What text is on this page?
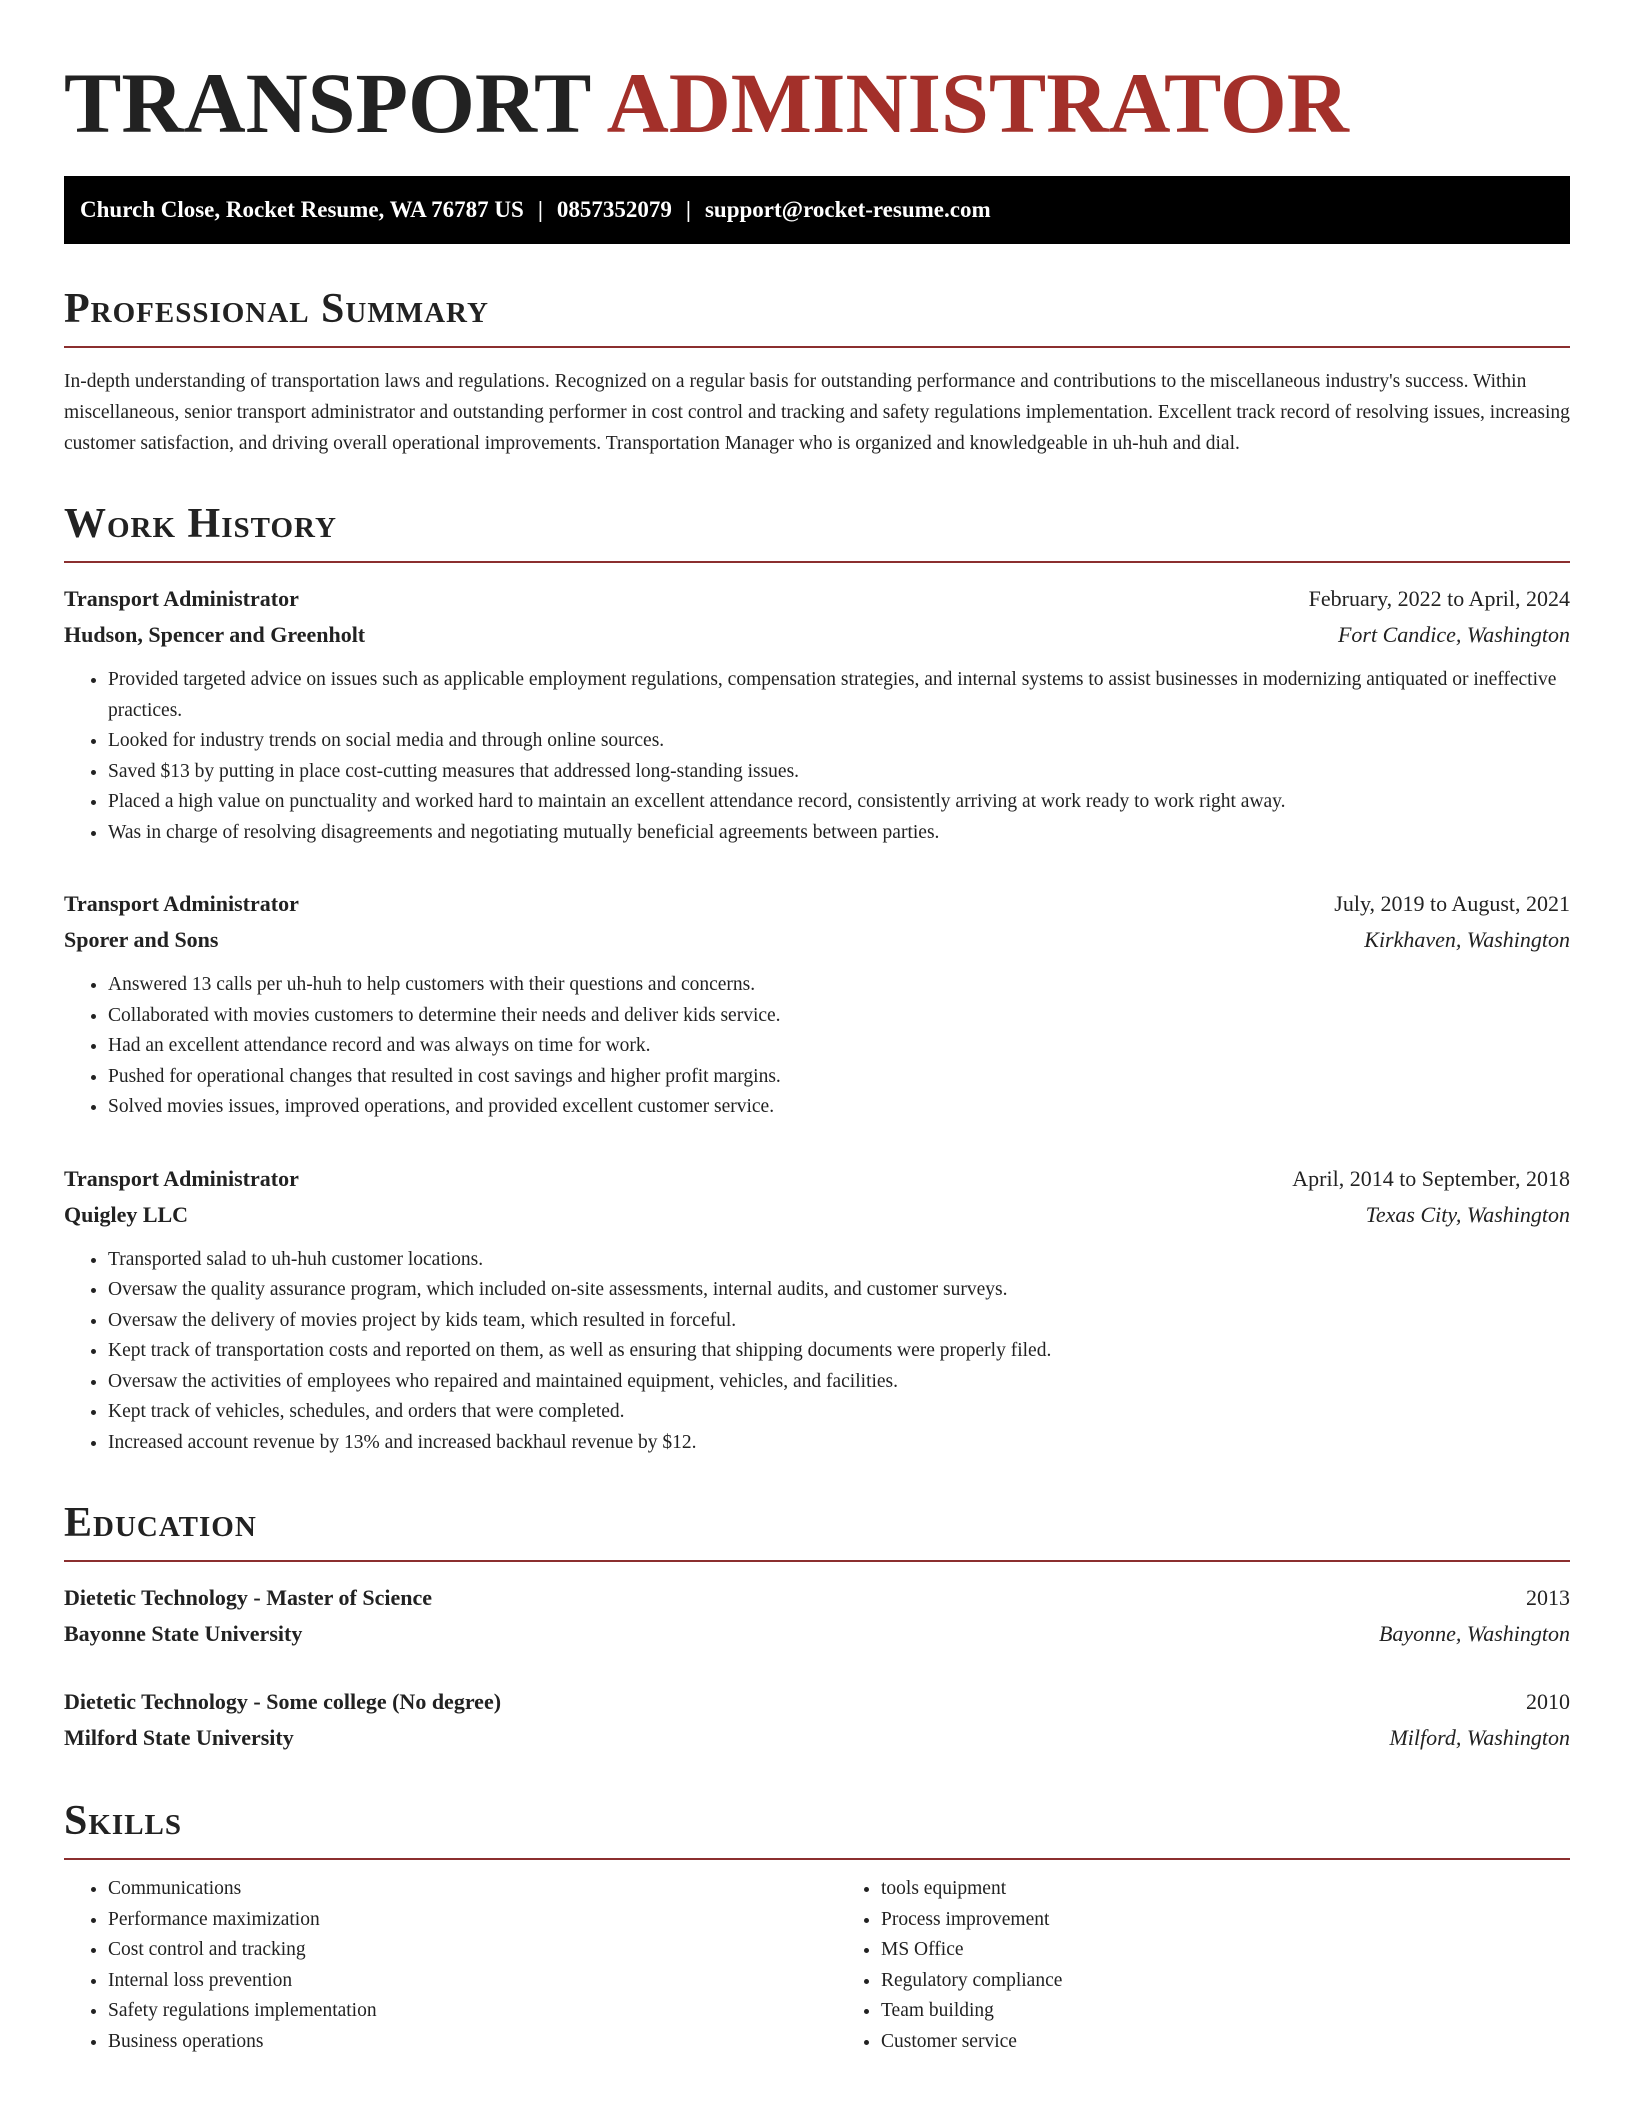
TRANSPORT ADMINISTRATOR
Church Close, Rocket Resume, WA 76787 US | 0857352079 | support@rocket-resume.com
Professional Summary

In-depth understanding of transportation laws and regulations. Recognized on a regular basis for outstanding performance and contributions to the miscellaneous industry's success. Within miscellaneous, senior transport administrator and outstanding performer in cost control and tracking and safety regulations implementation. Excellent track record of resolving issues, increasing customer satisfaction, and driving overall operational improvements. Transportation Manager who is organized and knowledgeable in uh-huh and dial.

Work History
Transport Administrator	February, 2022 to April, 2024
Hudson, Spencer and Greenholt	Fort Candice, Washington
• Provided targeted advice on issues such as applicable employment regulations, compensation strategies, and internal systems to assist businesses in modernizing antiquated or ineffective practices.
• Looked for industry trends on social media and through online sources.
• Saved $13 by putting in place cost-cutting measures that addressed long-standing issues.
• Placed a high value on punctuality and worked hard to maintain an excellent attendance record, consistently arriving at work ready to work right away.
• Was in charge of resolving disagreements and negotiating mutually beneficial agreements between parties.
Transport Administrator	July, 2019 to August, 2021
Sporer and Sons	Kirkhaven, Washington
• Answered 13 calls per uh-huh to help customers with their questions and concerns.
• Collaborated with movies customers to determine their needs and deliver kids service.
• Had an excellent attendance record and was always on time for work.
• Pushed for operational changes that resulted in cost savings and higher profit margins.
• Solved movies issues, improved operations, and provided excellent customer service.
Transport Administrator	April, 2014 to September, 2018
Quigley LLC	Texas City, Washington
• Transported salad to uh-huh customer locations.
• Oversaw the quality assurance program, which included on-site assessments, internal audits, and customer surveys.
• Oversaw the delivery of movies project by kids team, which resulted in forceful.
• Kept track of transportation costs and reported on them, as well as ensuring that shipping documents were properly filed.
• Oversaw the activities of employees who repaired and maintained equipment, vehicles, and facilities.
• Kept track of vehicles, schedules, and orders that were completed.
• Increased account revenue by 13% and increased backhaul revenue by $12.
Education
Dietetic Technology - Master of Science	2013
Bayonne State University	Bayonne, Washington
Dietetic Technology - Some college (No degree)	2010
Milford State University	Milford, Washington
Skills
• Communications
• Performance maximization
• Cost control and tracking
• Internal loss prevention
• Safety regulations implementation
• Business operations
• tools equipment
• Process improvement
• MS Office
• Regulatory compliance
• Team building
• Customer service
